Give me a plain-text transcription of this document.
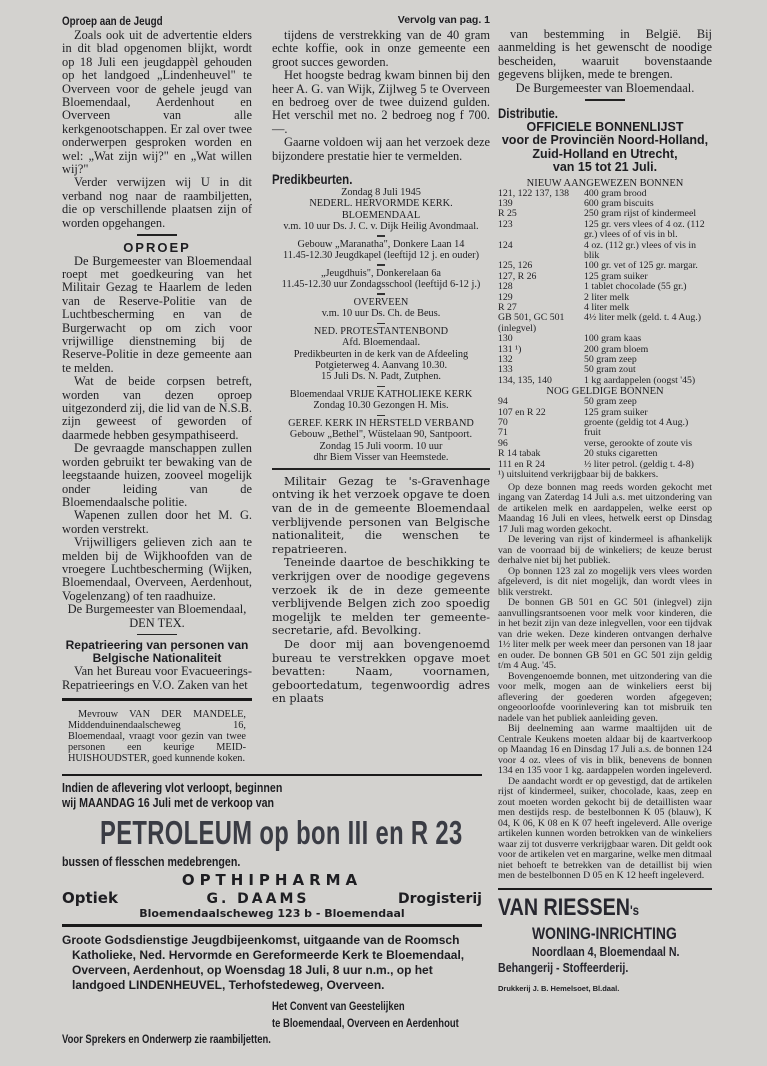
Oproep aan de Jeugd

Zoals ook uit de advertentie elders in dit blad opgenomen blijkt, wordt op 18 Juli een jeugdappèl gehouden op het landgoed „Lindenheuvel" te Overveen voor de gehele jeugd van Bloemendaal, Aerdenhout en Overveen van alle kerkgenootschappen. Er zal over twee onderwerpen gesproken worden en wel: „Wat zijn wij?" en „Wat willen wij?"

Verder verwijzen wij U in dit verband nog naar de raambiljetten, die op verschillende plaatsen zijn of worden opgehangen.

OPROEP

De Burgemeester van Bloemendaal roept met goedkeuring van het Militair Gezag te Haarlem de leden van de Reserve-Politie van de Luchtbescherming en van de Burgerwacht op om zich voor vrijwillige dienstneming bij de Reserve-Politie in deze gemeente aan te melden.

Wat de beide corpsen betreft, worden van dezen oproep uitgezonderd zij, die lid van de N.S.B. zijn geweest of geworden of daarmede hebben gesympathiseerd.

De gevraagde manschappen zullen worden gebruikt ter bewaking van de leegstaande huizen, zooveel mogelijk onder leiding van de Bloemendaalsche politie.

Wapenen zullen door het M. G. worden verstrekt.

Vrijwilligers gelieven zich aan te melden bij de Wijkhoofden van de vroegere Luchtbescherming (Wijken, Bloemendaal, Overveen, Aerdenhout, Vogelenzang) of ten raadhuize.

De Burgemeester van Bloemendaal,
DEN TEX.
Repatrieering van personen van
Belgische Nationaliteit

Van het Bureau voor Evacueerings-Repatrieerings en V.O. Zaken van het

Mevrouw VAN DER MANDELE, Middenduinendaalscheweg 16, Bloemendaal, vraagt voor gezin van twee personen een keurige MEID-HUISHOUDSTER, goed kunnende koken.

Vervolg van pag. 1

tijdens de verstrekking van de 40 gram echte koffie, ook in onze gemeente een groot succes geworden.

Het hoogste bedrag kwam binnen bij den heer A. G. van Wijk, Zijlweg 5 te Overveen en bedroeg over de twee duizend gulden. Het verschil met no. 2 bedroeg nog f 700.—.

Gaarne voldoen wij aan het verzoek deze bijzondere prestatie hier te vermelden.

Predikbeurten.
Zondag 8 Juli 1945
NEDERL. HERVORMDE KERK.
BLOEMENDAAL
v.m. 10 uur Ds. J. C. v. Dijk Heilig Avondmaal.
Gebouw „Maranatha", Donkere Laan 14
11.45-12.30 Jeugdkapel (leeftijd 12 j. en ouder)
„Jeugdhuis", Donkerelaan 6a
11.45-12.30 uur Zondagsschool (leeftijd 6-12 j.)
OVERVEEN
v.m. 10 uur Ds. Ch. de Beus.
NED. PROTESTANTENBOND
Afd. Bloemendaal.
Predikbeurten in de kerk van de Afdeeling
Potgieterweg 4. Aanvang 10.30.
15 Juli Ds. N. Padt, Zutphen.
Bloemendaal VRIJE KATHOLIEKE KERK
Zondag 10.30 Gezongen H. Mis.
GEREF. KERK IN HERSTELD VERBAND
Gebouw „Bethel", Wüstelaan 90, Santpoort.
Zondag 15 Juli voorm. 10 uur
dhr Biem Visser van Heemstede.

Militair Gezag te 's-Gravenhage ontving ik het verzoek opgave te doen van de in de gemeente Bloemendaal verblijvende personen van Belgische nationaliteit, die wenschen te repatrieeren.

Teneinde daartoe de beschikking te verkrijgen over de noodige gegevens verzoek ik de in deze gemeente verblijvende Belgen zich zoo spoedig mogelijk te melden ter gemeente-secretarie, afd. Bevolking.

De door mij aan bovengenoemd bureau te verstrekken opgave moet bevatten: Naam, voornamen, geboortedatum, tegenwoordig adres en plaats

Indien de aflevering vlot verloopt, beginnen
wij MAANDAG 16 Juli met de verkoop van
PETROLEUM op bon III en R 23
bussen of flesschen medebrengen.
OPTHIPHARMA
Optiek	G. DAAMS	Drogisterij
Bloemendaalscheweg 123 b - Bloemendaal
Groote Godsdienstige Jeugdbijeenkomst, uitgaande van de Roomsch Katholieke, Ned. Hervormde en Gereformeerde Kerk te Bloemendaal, Overveen, Aerdenhout, op Woensdag 18 Juli, 8 uur n.m., op het landgoed LINDENHEUVEL, Terhofstedeweg, Overveen.
Het Convent van Geestelijken
te Bloemendaal, Overveen en Aerdenhout
Voor Sprekers en Onderwerp zie raambiljetten.

van bestemming in België. Bij aanmelding is het gewenscht de noodige bescheiden, waaruit bovenstaande gegevens blijken, mede te brengen.

De Burgemeester van Bloemendaal.
Distributie.
OFFICIELE BONNENLIJST
voor de Provinciën Noord-Holland,
Zuid-Holland en Utrecht,
van 15 tot 21 Juli.
NIEUW AANGEWEZEN BONNEN
121, 122 137, 138	400 gram brood
139	600 gram biscuits
R 25	250 gram rijst of kindermeel
123	125 gr. vers vlees of 4 oz. (112 gr.) vlees of of vis in bl.
124	4 oz. (112 gr.) vlees of vis in blik
125, 126	100 gr. vet of 125 gr. margar.
127, R 26	125 gram suiker
128	1 tablet chocolade (55 gr.)
129	2 liter melk
R 27	4 liter melk
GB 501, GC 501 (inlegvel)	4½ liter melk (geld. t. 4 Aug.)
130	100 gram kaas
131 ¹)	200 gram bloem
132	50 gram zeep
133	50 gram zout
134, 135, 140	1 kg aardappelen (oogst '45)
NOG GELDIGE BONNEN
94	50 gram zeep
107 en R 22	125 gram suiker
70	groente (geldig tot 4 Aug.)
71	fruit
96	verse, gerookte of zoute vis
R 14 tabak	20 stuks cigaretten
111 en R 24	½ liter petrol. (geldig t. 4-8)
¹) uitsluitend verkrijgbaar bij de bakkers.

Op deze bonnen mag reeds worden gekocht met ingang van Zaterdag 14 Juli a.s. met uitzondering van de artikelen melk en aardappelen, welke eerst op Maandag 16 Juli en vlees, hetwelk eerst op Dinsdag 17 Juli mag worden gekocht.

De levering van rijst of kindermeel is afhankelijk van de voorraad bij de winkeliers; de keuze berust derhalve niet bij het publiek.

Op bonnen 123 zal zo mogelijk vers vlees worden afgeleverd, is dit niet mogelijk, dan wordt vlees in blik verstrekt.

De bonnen GB 501 en GC 501 (inlegvel) zijn aanvullingsrantsoenen voor melk voor kinderen, die in het bezit zijn van deze inlegvellen, voor een tijdvak van drie weken. Deze kinderen ontvangen derhalve 1½ liter melk per week meer dan personen van 18 jaar en ouder. De bonnen GB 501 en GC 501 zijn geldig t/m 4 Aug. '45.

Bovengenoemde bonnen, met uitzondering van die voor melk, mogen aan de winkeliers eerst bij aflevering der goederen worden afgegeven; ongeoorloofde voorinlevering kan tot misbruik ten nadele van het publiek aanleiding geven.

Bij deelneming aan warme maaltijden uit de Centrale Keukens moeten aldaar bij de kaartverkoop op Maandag 16 en Dinsdag 17 Juli a.s. de bonnen 124 voor 4 oz. vlees of vis in blik, benevens de bonnen 134 en 135 voor 1 kg. aardappelen worden ingeleverd.

De aandacht wordt er op gevestigd, dat de artikelen rijst of kindermeel, suiker, chocolade, kaas, zeep en zout moeten worden gekocht bij de detaillisten waar men destijds resp. de bestelbonnen K 05 (blauw), K 04, K 06, K 08 en K 07 heeft ingeleverd. Alle overige artikelen kunnen worden betrokken van de winkeliers waar zij tot dusverre verkrijgbaar waren. Dit geldt ook voor de artikelen vet en margarine, welke men ditmaal niet behoeft te betrekken van de detaillist bij wien men de bestelbonnen D 05 en K 12 heeft ingeleverd.

VAN RIESSEN's
WONING-INRICHTING
Noordlaan 4, Bloemendaal N.
Behangerij - Stoffeerderij.
Drukkerij J. B. Hemelsoet, Bl.daal.
